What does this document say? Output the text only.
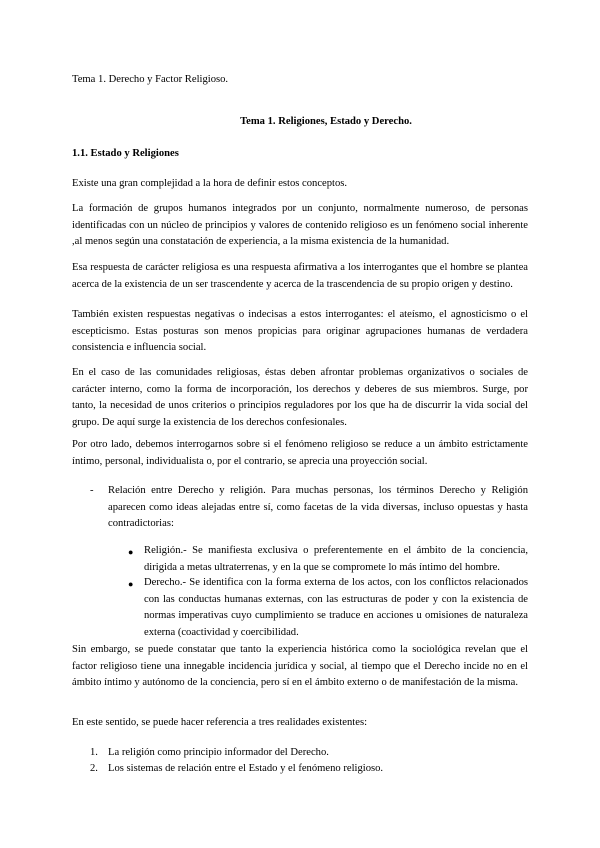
Tema 1. Derecho y Factor Religioso.

Tema 1. Religiones, Estado y Derecho.

1.1. Estado y Religiones

Existe una gran complejidad a la hora de definir estos conceptos.

La formación de grupos humanos integrados por un conjunto, normalmente numeroso, de personas identificadas con un núcleo de principios y valores de contenido religioso es un fenómeno social inherente ,al menos según una constatación de experiencia, a la misma existencia de la humanidad.

Esa respuesta de carácter religiosa es una respuesta afirmativa a los interrogantes que el hombre se plantea acerca de la existencia de un ser trascendente y acerca de la trascendencia de su propio origen y destino.

También existen respuestas negativas o indecisas a estos interrogantes: el ateísmo, el agnosticismo o el escepticismo. Estas posturas son menos propicias para originar agrupaciones humanas de verdadera consistencia e influencia social.

En el caso de las comunidades religiosas, éstas deben afrontar problemas organizativos o sociales de carácter interno, como la forma de incorporación, los derechos y deberes de sus miembros. Surge, por tanto, la necesidad de unos criterios o principios reguladores por los que ha de discurrir la vida social del grupo. De aquí surge la existencia de los derechos confesionales.

Por otro lado, debemos interrogarnos sobre si el fenómeno religioso se reduce a un ámbito estrictamente íntimo, personal, individualista o, por el contrario, se aprecia una proyección social.

- Relación entre Derecho y religión. Para muchas personas, los términos Derecho y Religión aparecen como ideas alejadas entre sí, como facetas de la vida diversas, incluso opuestas y hasta contradictorias:

● Religión.- Se manifiesta exclusiva o preferentemente en el ámbito de la conciencia, dirigida a metas ultraterrenas, y en la que se compromete lo más íntimo del hombre.

● Derecho.- Se identifica con la forma externa de los actos, con los conflictos relacionados con las conductas humanas externas, con las estructuras de poder y con la existencia de normas imperativas cuyo cumplimiento se traduce en acciones u omisiones de naturaleza externa (coactividad y coercibilidad.

Sin embargo, se puede constatar que tanto la experiencia histórica como la sociológica revelan que el factor religioso tiene una innegable incidencia jurídica y social, al tiempo que el Derecho incide no en el ámbito íntimo y autónomo de la conciencia, pero sí en el ámbito externo o de manifestación de la misma.

En este sentido, se puede hacer referencia a tres realidades existentes:

1. La religión como principio informador del Derecho.

2. Los sistemas de relación entre el Estado y el fenómeno religioso.
